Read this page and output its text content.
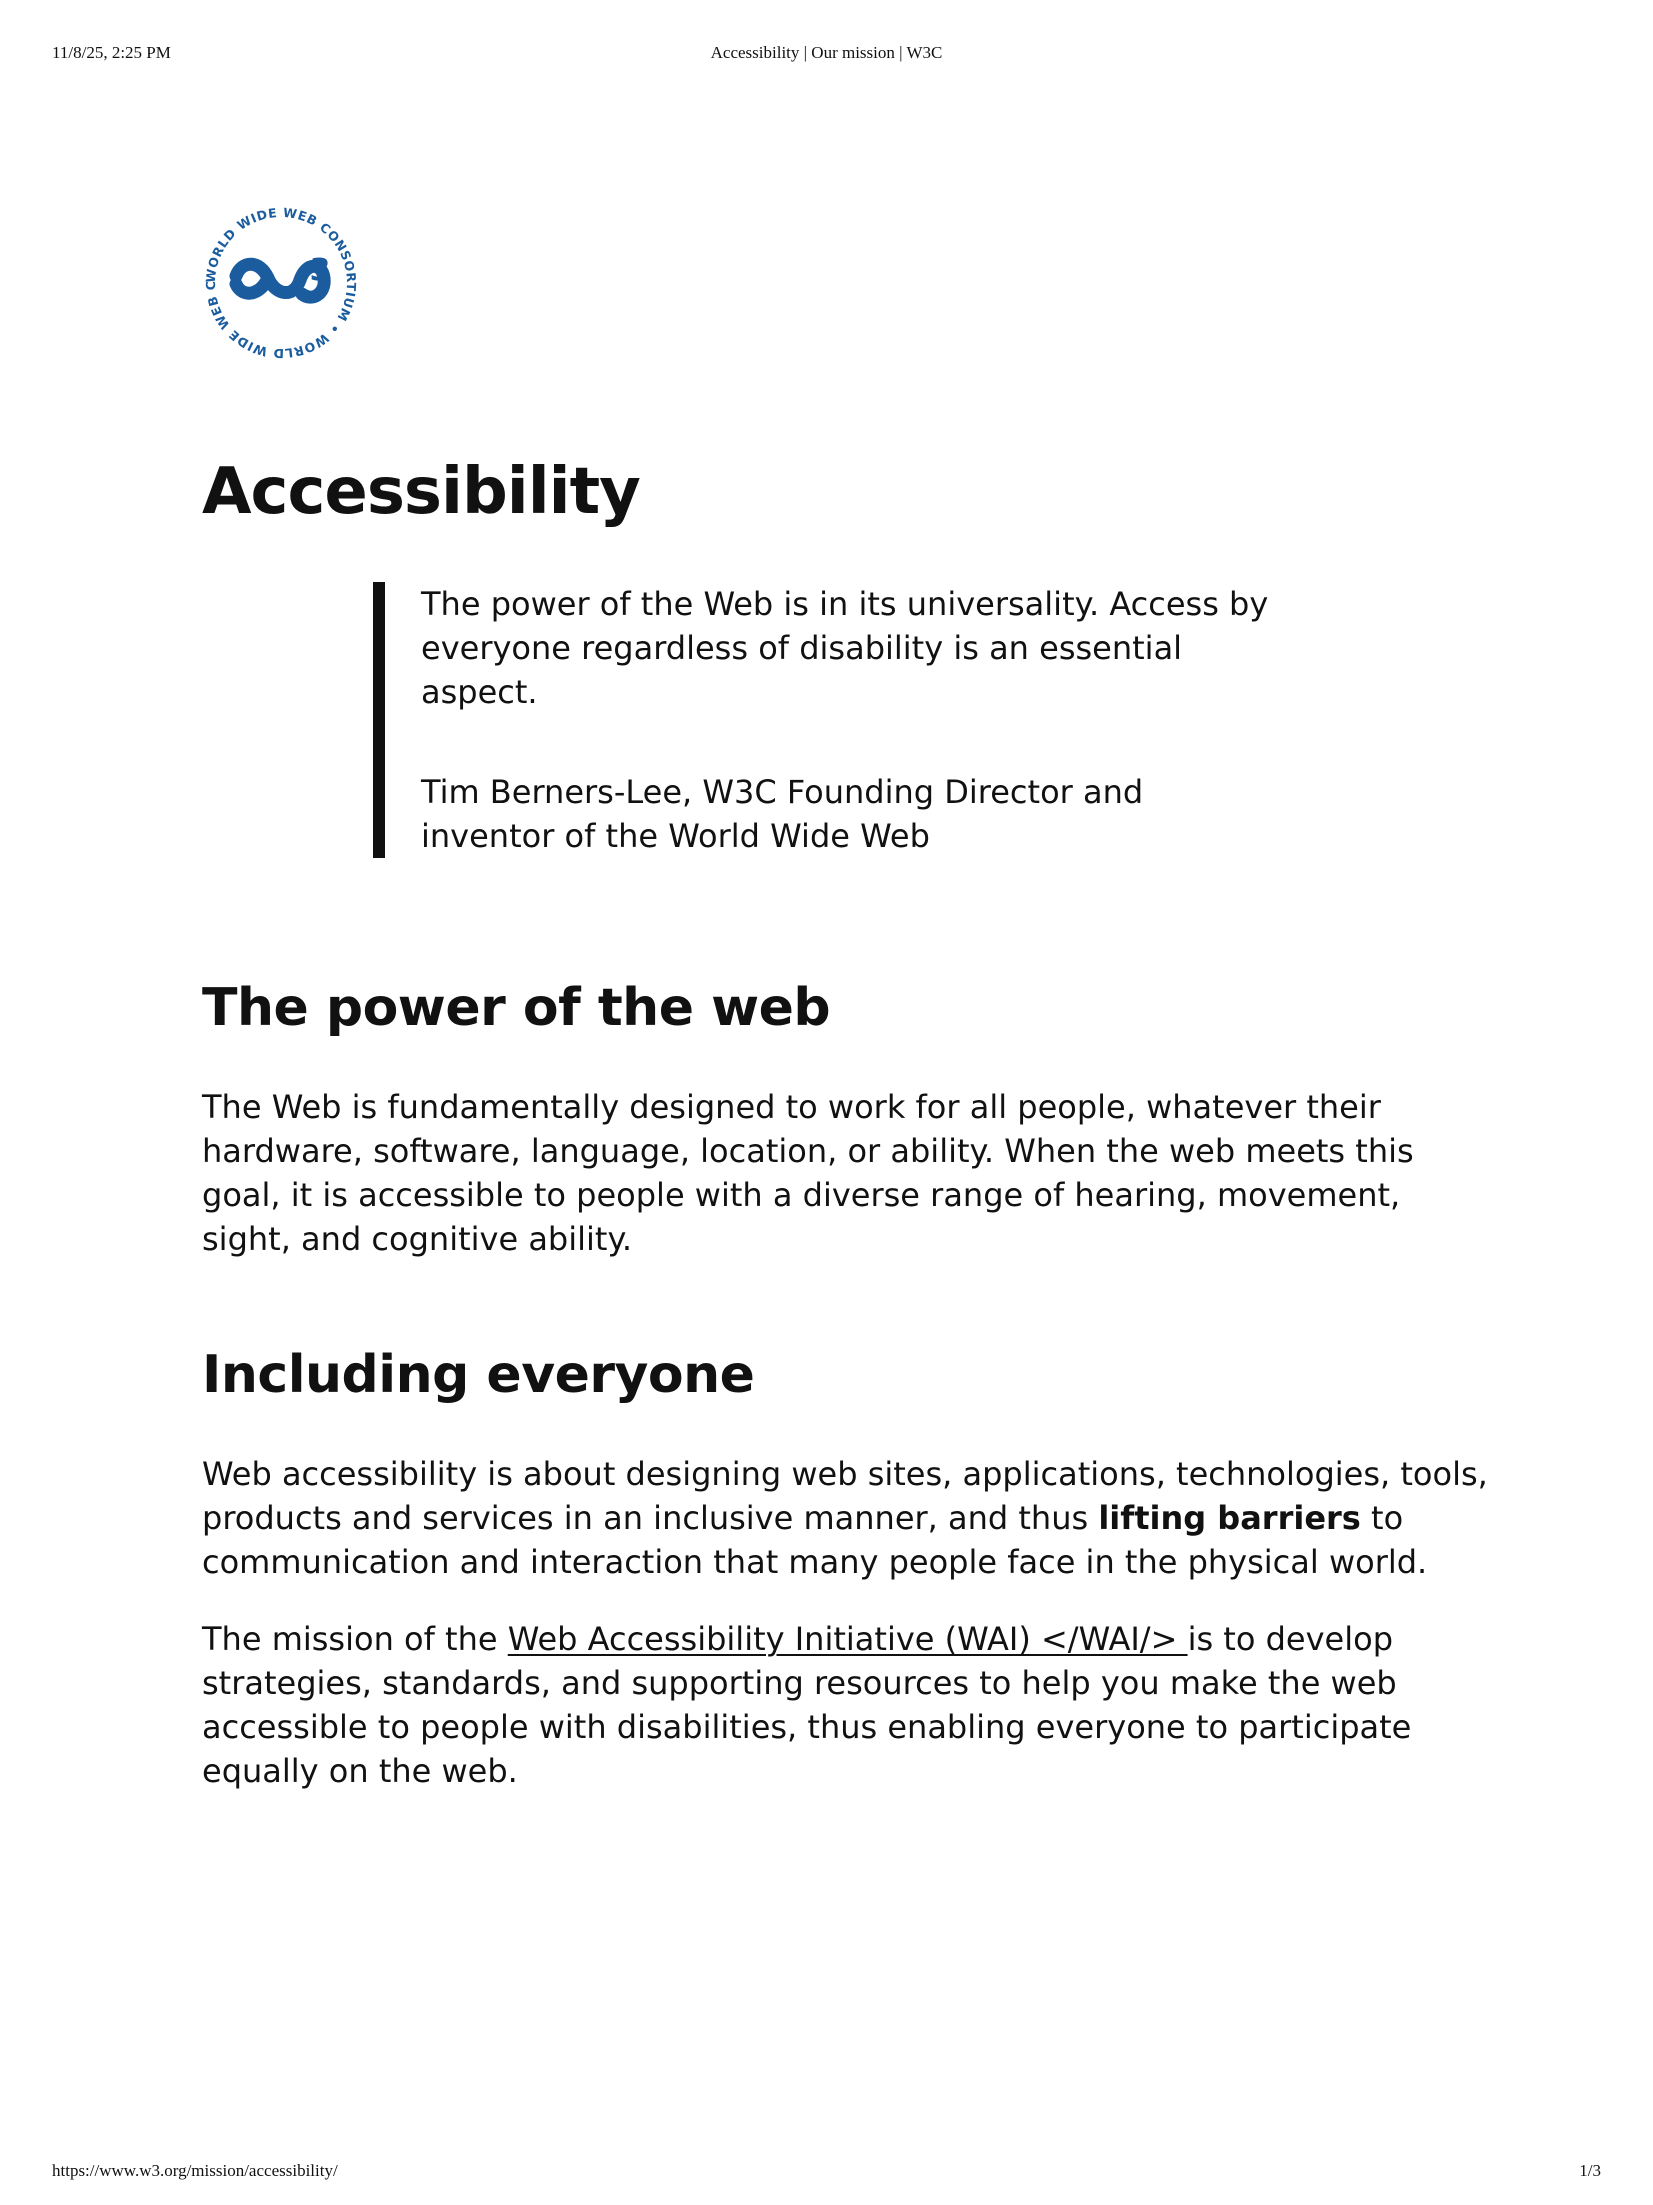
11/8/25, 2:25 PM	Accessibility | Our mission | W3C
WORLD WIDE WEB CONSORTIUM • WORLD WIDE WEB C	3
Accessibility

The power of the Web is in its universality. Access by everyone regardless of disability is an essential aspect.

Tim Berners-Lee, W3C Founding Director and inventor of the World Wide Web
The power of the web

The Web is fundamentally designed to work for all people, whatever their hardware, software, language, location, or ability. When the web meets this goal, it is accessible to people with a diverse range of hearing, movement, sight, and cognitive ability.

Including everyone

Web accessibility is about designing web sites, applications, technologies, tools, products and services in an inclusive manner, and thus lifting barriers to communication and interaction that many people face in the physical world.

The mission of the Web Accessibility Initiative (WAI) </WAI/> is to develop strategies, standards, and supporting resources to help you make the web accessible to people with disabilities, thus enabling everyone to participate equally on the web.

https://www.w3.org/mission/accessibility/	1/3
